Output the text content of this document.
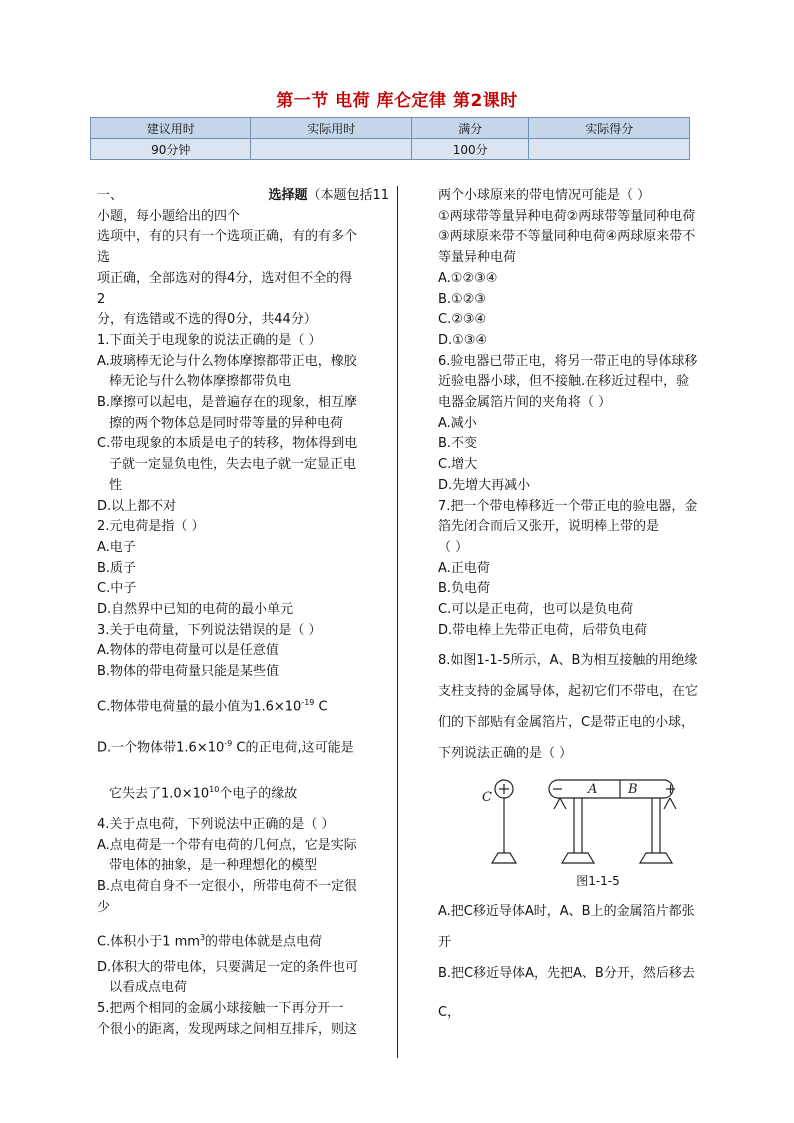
第一节 电荷 库仑定律 第2课时
建议用时	实际用时	满分	实际得分
90分钟		100分	

一、	选择题（本题包括11

小题，每小题给出的四个

选项中，有的只有一个选项正确，有的有多个

选

项正确，全部选对的得4分，选对但不全的得

2

分，有选错或不选的得0分，共44分）

1.下面关于电现象的说法正确的是（ ）

A.玻璃棒无论与什么物体摩擦都带正电，橡胶

棒无论与什么物体摩擦都带负电

B.摩擦可以起电，是普遍存在的现象，相互摩

擦的两个物体总是同时带等量的异种电荷

C.带电现象的本质是电子的转移，物体得到电

子就一定显负电性，失去电子就一定显正电

性

D.以上都不对

2.元电荷是指（ ）

A.电子

B.质子

C.中子

D.自然界中已知的电荷的最小单元

3.关于电荷量，下列说法错误的是（ ）

A.物体的带电荷量可以是任意值

B.物体的带电荷量只能是某些值

C.物体带电荷量的最小值为$1.6\times 10^{-19}$ C

D.一个物体带$1.6\times 10^{-9}$ C的正电荷,这可能是

它失去了$1.0\times 10^{10}$个电子的缘故

4.关于点电荷，下列说法中正确的是（ ）

A.点电荷是一个带有电荷的几何点，它是实际

带电体的抽象，是一种理想化的模型

B.点电荷自身不一定很小，所带电荷不一定很

少

C.体积小于1 $mm^3$的带电体就是点电荷

D.体积大的带电体，只要满足一定的条件也可

以看成点电荷

5.把两个相同的金属小球接触一下再分开一

个很小的距离，发现两球之间相互排斥，则这

两个小球原来的带电情况可能是（ ）

①两球带等量异种电荷②两球带等量同种电荷

③两球原来带不等量同种电荷④两球原来带不

等量异种电荷

A.①②③④

B.①②③

C.②③④

D.①③④

6.验电器已带正电，将另一带正电的导体球移

近验电器小球，但不接触.在移近过程中，验

电器金属箔片间的夹角将（ ）

A.减小

B.不变

C.增大

D.先增大再减小

7.把一个带电棒移近一个带正电的验电器，金

箔先闭合而后又张开，说明棒上带的是

（ ）

A.正电荷

B.负电荷

C.可以是正电荷，也可以是负电荷

D.带电棒上先带正电荷，后带负电荷

8.如图1-1-5所示，A、B为相互接触的用绝缘

支柱支持的金属导体，起初它们不带电，在它

们的下部贴有金属箔片，C是带正电的小球，

下列说法正确的是（ ）

C
A B
图1-1-5

A.把C移近导体A时，A、B上的金属箔片都张

开

B.把C移近导体A，先把A、B分开，然后移去

C，
